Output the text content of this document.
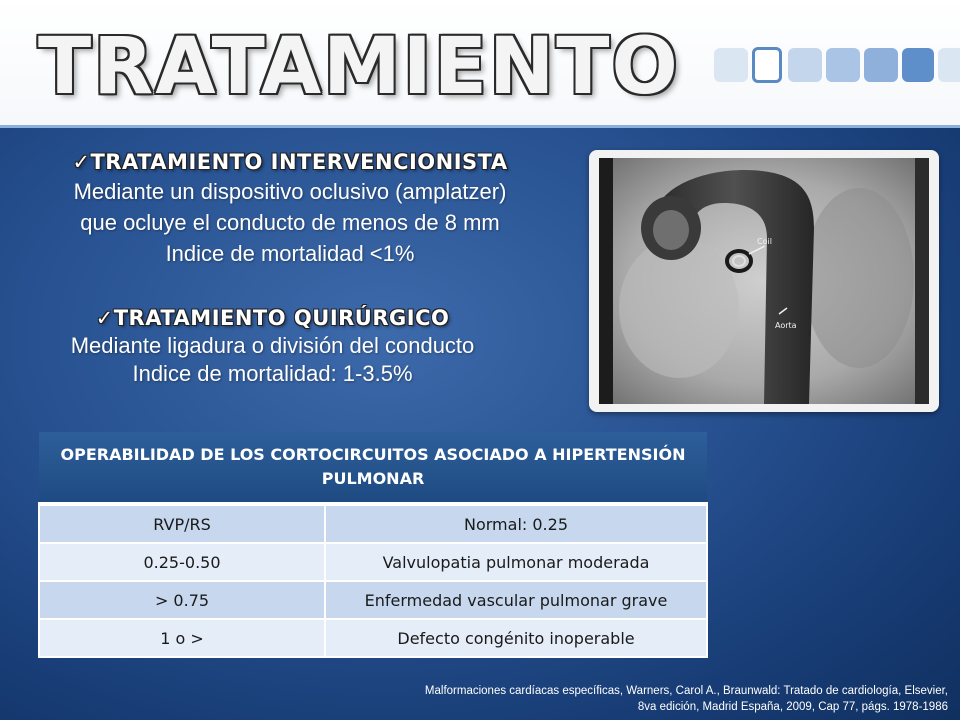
TRATAMIENTO
✓TRATAMIENTO INTERVENCIONISTA
Mediante un dispositivo oclusivo (amplatzer)
que ocluye el conducto de menos de 8 mm
Indice de mortalidad <1%
✓TRATAMIENTO QUIRÚRGICO
Mediante ligadura o división del conducto
Indice de mortalidad: 1-3.5%
Coil
Aorta
OPERABILIDAD DE LOS CORTOCIRCUITOS ASOCIADO A HIPERTENSIÓN PULMONAR	
RVP/RS	Normal: 0.25
0.25-0.50	Valvulopatia pulmonar moderada
> 0.75	Enfermedad vascular pulmonar grave
1 o >	Defecto congénito inoperable
Malformaciones cardíacas específicas, Warners, Carol A., Braunwald: Tratado de cardiología, Elsevier,
8va edición, Madrid España, 2009, Cap 77, págs. 1978-1986
